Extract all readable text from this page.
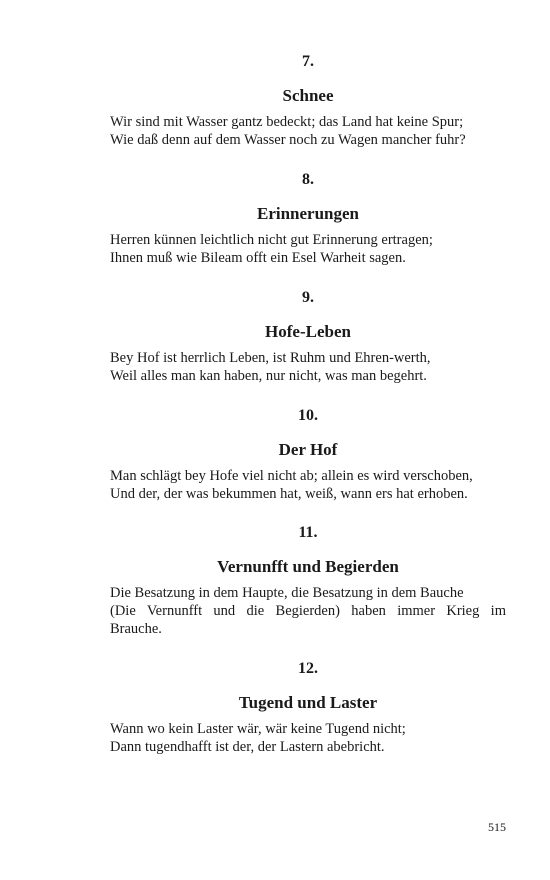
7.
Schnee
Wir sind mit Wasser gantz bedeckt; das Land hat keine Spur;
Wie daß denn auf dem Wasser noch zu Wagen mancher fuhr?
8.
Erinnerungen
Herren künnen leichtlich nicht gut Erinnerung ertragen;
Ihnen muß wie Bileam offt ein Esel Warheit sagen.
9.
Hofe-Leben
Bey Hof ist herrlich Leben, ist Ruhm und Ehren-werth,
Weil alles man kan haben, nur nicht, was man begehrt.
10.
Der Hof
Man schlägt bey Hofe viel nicht ab; allein es wird verschoben,
Und der, der was bekummen hat, weiß, wann ers hat erhoben.
11.
Vernunfft und Begierden
Die Besatzung in dem Haupte, die Besatzung in dem Bauche
(Die Vernunfft und die Begierden) haben immer Krieg im
Brauche.
12.
Tugend und Laster
Wann wo kein Laster wär, wär keine Tugend nicht;
Dann tugendhafft ist der, der Lastern abebricht.
515
